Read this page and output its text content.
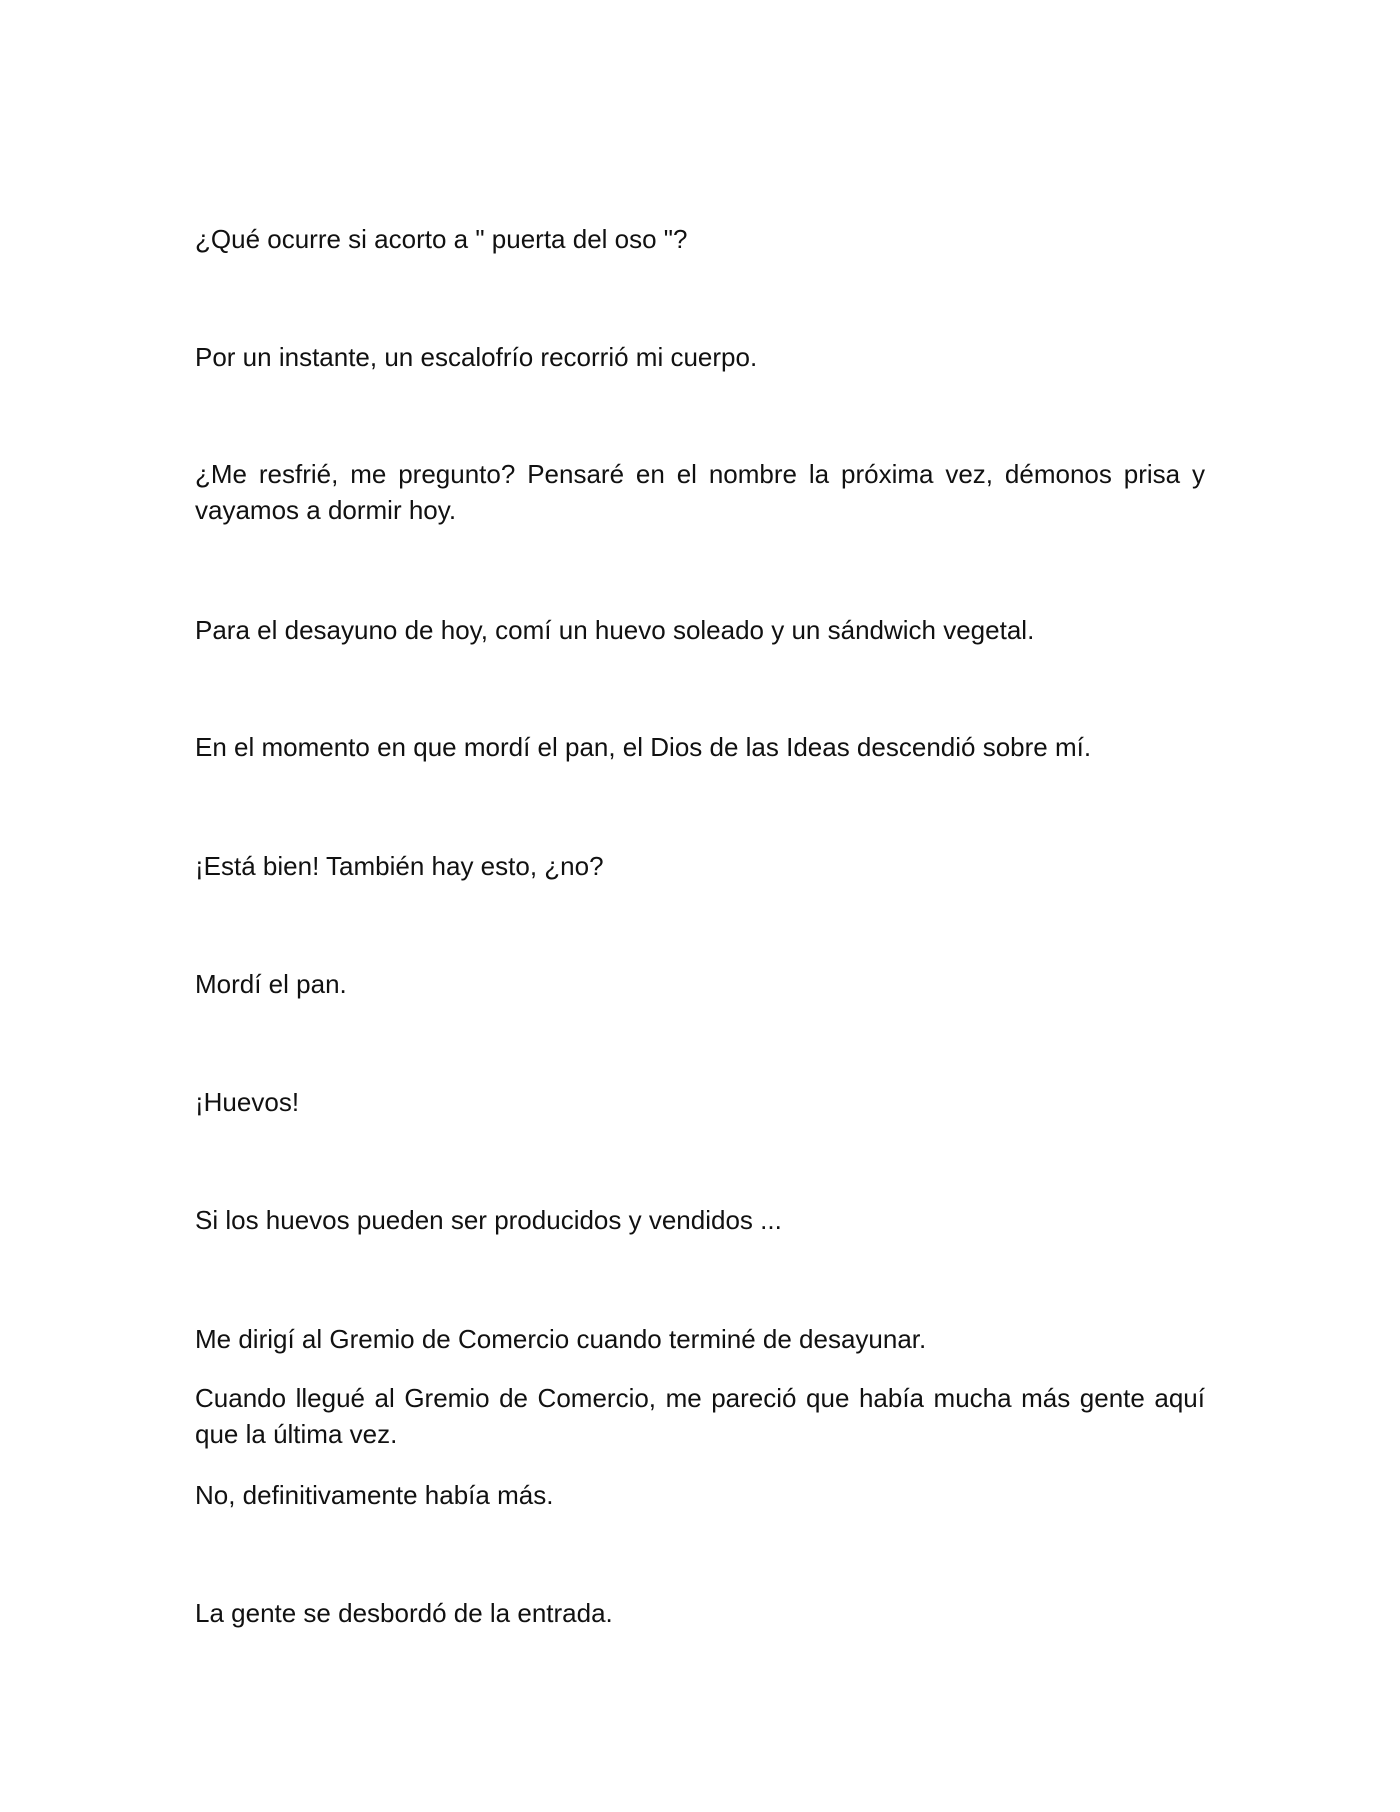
¿Qué ocurre si acorto a " puerta del oso "?

Por un instante, un escalofrío recorrió mi cuerpo.

¿Me resfrié, me pregunto? Pensaré en el nombre la próxima vez, démonos prisa y vayamos a dormir hoy.

Para el desayuno de hoy, comí un huevo soleado y un sándwich vegetal.

En el momento en que mordí el pan, el Dios de las Ideas descendió sobre mí.

¡Está bien! También hay esto, ¿no?

Mordí el pan.

¡Huevos!

Si los huevos pueden ser producidos y vendidos ...

Me dirigí al Gremio de Comercio cuando terminé de desayunar.

Cuando llegué al Gremio de Comercio, me pareció que había mucha más gente aquí que la última vez.

No, definitivamente había más.

La gente se desbordó de la entrada.
